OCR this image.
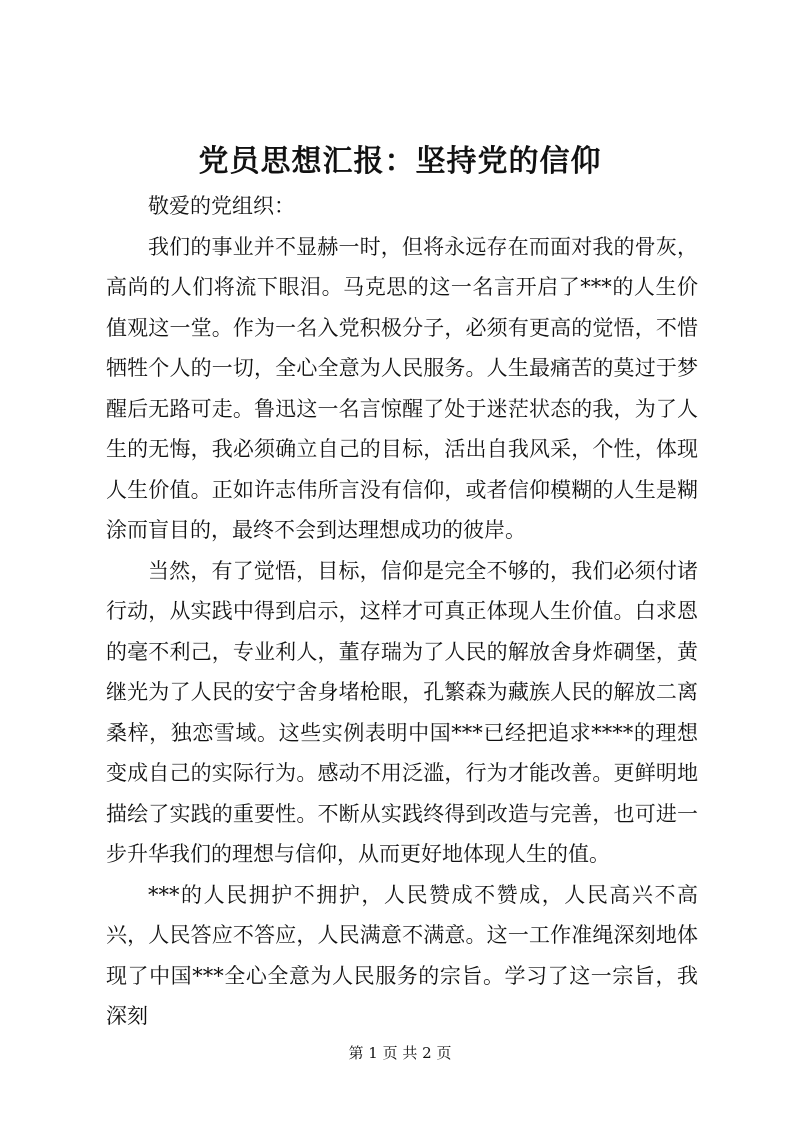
党员思想汇报：坚持党的信仰

敬爱的党组织：

我们的事业并不显赫一时，但将永远存在而面对我的骨灰，高尚的人们将流下眼泪。马克思的这一名言开启了***的人生价值观这一堂。作为一名入党积极分子，必须有更高的觉悟，不惜牺牲个人的一切，全心全意为人民服务。人生最痛苦的莫过于梦醒后无路可走。鲁迅这一名言惊醒了处于迷茫状态的我，为了人生的无悔，我必须确立自己的目标，活出自我风采，个性，体现人生价值。正如许志伟所言没有信仰，或者信仰模糊的人生是糊涂而盲目的，最终不会到达理想成功的彼岸。

当然，有了觉悟，目标，信仰是完全不够的，我们必须付诸行动，从实践中得到启示，这样才可真正体现人生价值。白求恩的毫不利己，专业利人，董存瑞为了人民的解放舍身炸碉堡，黄继光为了人民的安宁舍身堵枪眼，孔繁森为藏族人民的解放二离桑梓，独恋雪域。这些实例表明中国***已经把追求****的理想变成自己的实际行为。感动不用泛滥，行为才能改善。更鲜明地描绘了实践的重要性。不断从实践终得到改造与完善，也可进一步升华我们的理想与信仰，从而更好地体现人生的值。

***的人民拥护不拥护，人民赞成不赞成，人民高兴不高兴，人民答应不答应，人民满意不满意。这一工作准绳深刻地体现了中国***全心全意为人民服务的宗旨。学习了这一宗旨，我深刻

第 1 页 共 2 页
